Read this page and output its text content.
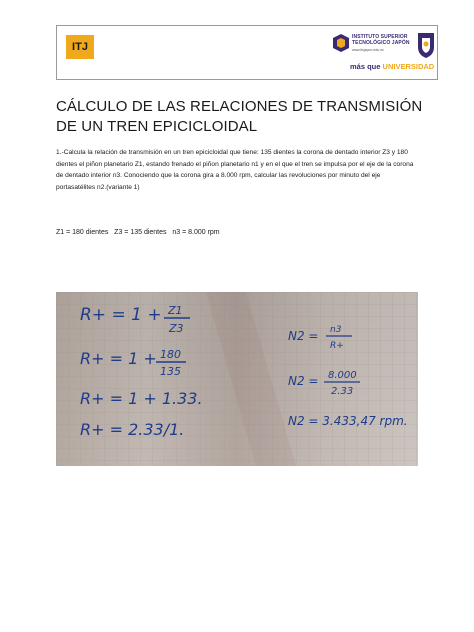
ITJ
INSTITUTO SUPERIOR
TECNOLÓGICO JAPÓN
www.itsjapon.edu.ec
más que UNIVERSIDAD
CÁLCULO DE LAS RELACIONES DE TRANSMISIÓN DE UN TREN EPICICLOIDAL

1.-Calcula la relación de transmisión en un tren epicicloidal que tiene: 135 dientes la corona de dentado interior Z3 y 180 dientes el piñon planetario Z1, estando frenado el piñon planetario n1 y en el que el tren se impulsa por el eje de la corona de dentado interior n3. Conociendo que la corona gira a 8.000 rpm, calcular las revoluciones por minuto del eje portasatélites n2.(variante 1)

Z1 = 180 dientes   Z3 = 135 dientes   n3 = 8.000 rpm

R+ = 1 + Z1
Z3
R+ = 1 + 180
135
R+ = 1 + 1.33.
R+ = 2.33/1.
N2 = n3
R+
N2 = 8.000
2.33
N2 = 3.433,47 rpm.
